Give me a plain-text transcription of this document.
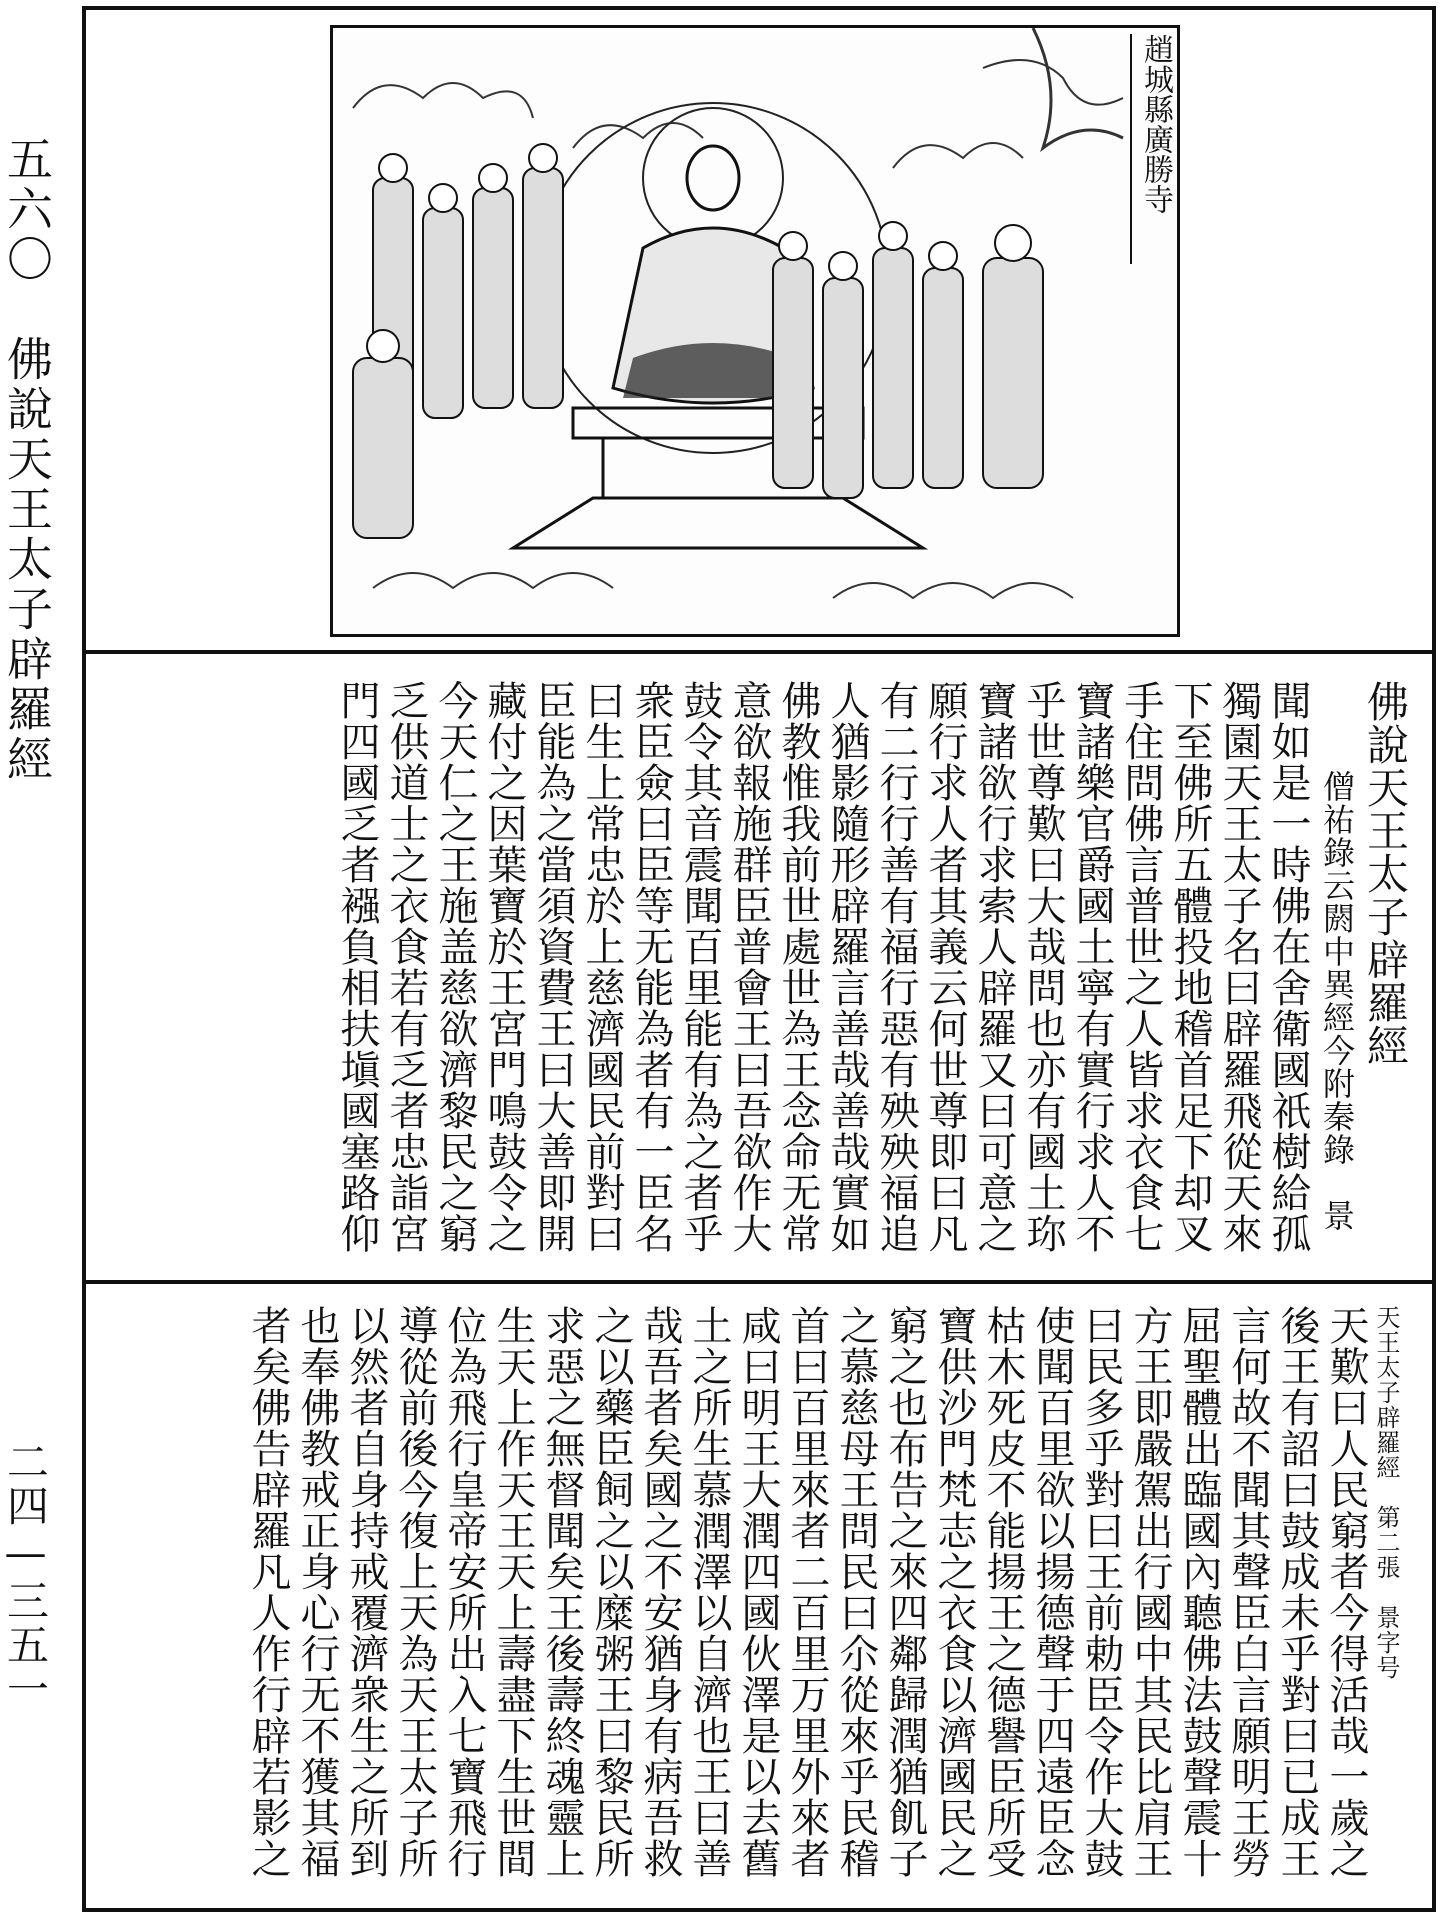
五六〇　佛說天王太子辟羅經
二四—三五一
趙城縣廣勝寺
佛說天王太子辟羅經
僧祐錄云閼中異經今附秦錄　景
聞如是一時佛在舍衛國祇樹給孤
獨園天王太子名曰辟羅飛從天來
下至佛所五體投地稽首足下却叉
手住問佛言普世之人皆求衣食七
寶諸樂官爵國土寧有實行求人不
乎世尊歎曰大哉問也亦有國土珎
寶諸欲行求索人辟羅又曰可意之
願行求人者其義云何世尊即曰凡
有二行行善有福行惡有殃殃福追
人猶影隨形辟羅言善哉善哉實如
佛教惟我前世處世為王念命无常
意欲報施群臣普會王曰吾欲作大
鼓令其音震聞百里能有為之者乎
衆臣僉曰臣等无能為者有一臣名
曰生上常忠於上慈濟國民前對曰
臣能為之當須資費王曰大善即開
藏付之因葉寶於王宮門鳴鼓令之
今天仁之王施盖慈欲濟黎民之窮
乏供道士之衣食若有乏者忠詣宮
門四國乏者襁負相扶塡國塞路仰
天王太子辟羅經　第二張　景字号
天歎曰人民窮者今得活哉一歲之
後王有詔曰鼓成未乎對曰已成王
言何故不聞其聲臣白言願明王勞
屈聖體出臨國內聽佛法鼓聲震十
方王即嚴駕出行國中其民比肩王
曰民多乎對曰王前勅臣令作大鼓
使聞百里欲以揚德聲于四遠臣念
枯木死皮不能揚王之德譽臣所受
寶供沙門梵志之衣食以濟國民之
窮之也布告之來四鄰歸潤猶飢子
之慕慈母王問民曰尒從來乎民稽
首曰百里來者二百里万里外來者
咸曰明王大潤四國伙澤是以去舊
土之所生慕潤澤以自濟也王曰善
哉吾者矣國之不安猶身有病吾救
之以藥臣飼之以糜粥王曰黎民所
求惡之無督聞矣王後壽終魂靈上
生天上作天王天上壽盡下生世間
位為飛行皇帝安所出入七寶飛行
導從前後今復上天為天王太子所
以然者自身持戒覆濟衆生之所到
也奉佛教戒正身心行无不獲其福
者矣佛告辟羅凡人作行辟若影之
